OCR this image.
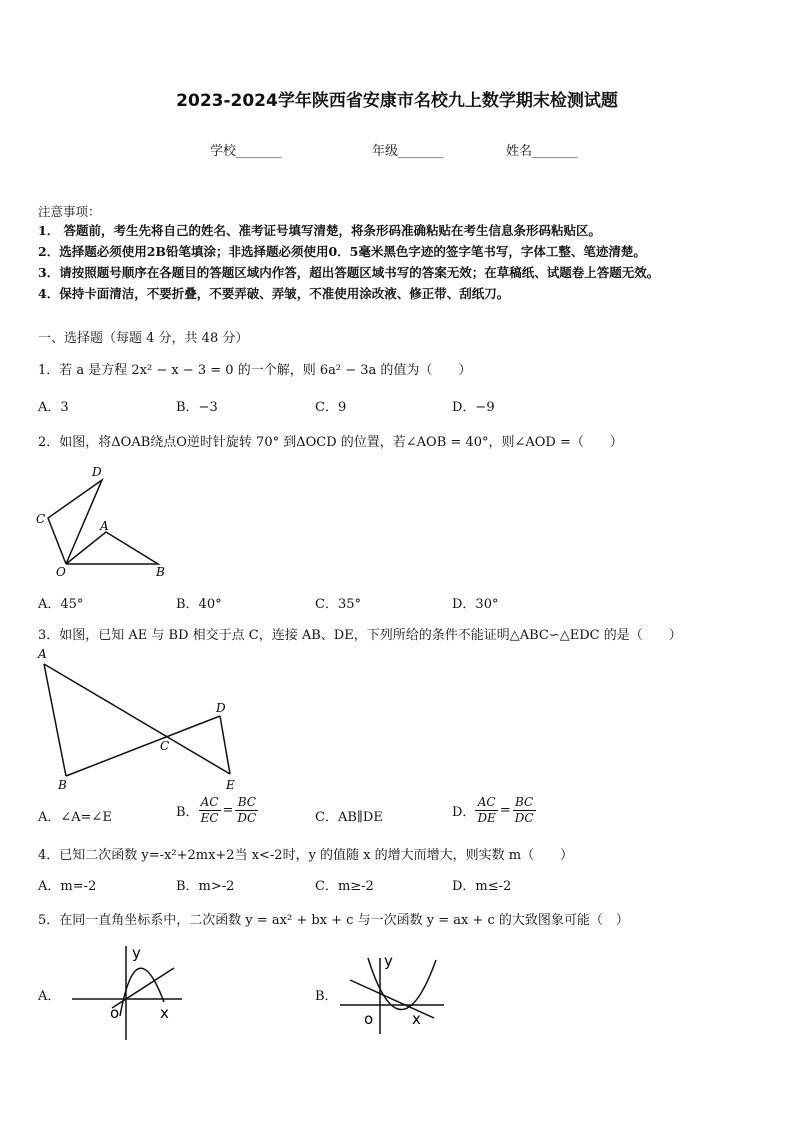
2023-2024学年陕西省安康市名校九上数学期末检测试题
学校_______	年级_______	姓名_______
注意事项：
1． 答题前，考生先将自己的姓名、准考证号填写清楚，将条形码准确粘贴在考生信息条形码粘贴区。
2．选择题必须使用2B铅笔填涂；非选择题必须使用0．5毫米黑色字迹的签字笔书写，字体工整、笔迹清楚。
3．请按照题号顺序在各题目的答题区域内作答，超出答题区域书写的答案无效；在草稿纸、试题卷上答题无效。
4．保持卡面清洁，不要折叠，不要弄破、弄皱，不准使用涂改液、修正带、刮纸刀。
一、选择题（每题 4 分，共 48 分）
1．若 a 是方程 2x² − x − 3 = 0 的一个解，则 6a² − 3a 的值为（　　）
A．3	B．−3	C．9	D．−9
2．如图，将ΔOAB绕点O逆时针旋转 70° 到ΔOCD 的位置，若∠AOB = 40°，则∠AOD =（　　）
D
C	A
O	B
A．45°	B．40°	C．35°	D．30°
3．如图，已知 AE 与 BD 相交于点 C，连接 AB、DE，下列所给的条件不能证明△ABC∽△EDC 的是（　　）
A
D
C
B	E
A．∠A=∠E	B． $\frac{AC}{EC} = \frac{BC}{DC}$	C．AB∥DE	D． $\frac{AC}{DE} = \frac{BC}{DC}$
4．已知二次函数 y=-x²+2mx+2当 x<-2时，y 的值随 x 的增大而增大，则实数 m（　　）
A．m=-2	B．m>-2	C．m≥-2	D．m≤-2
5．在同一直角坐标系中，二次函数 y = ax² + bx + c 与一次函数 y = ax + c 的大致图象可能（　）
A．
y
o	x
B．
y
o	x
